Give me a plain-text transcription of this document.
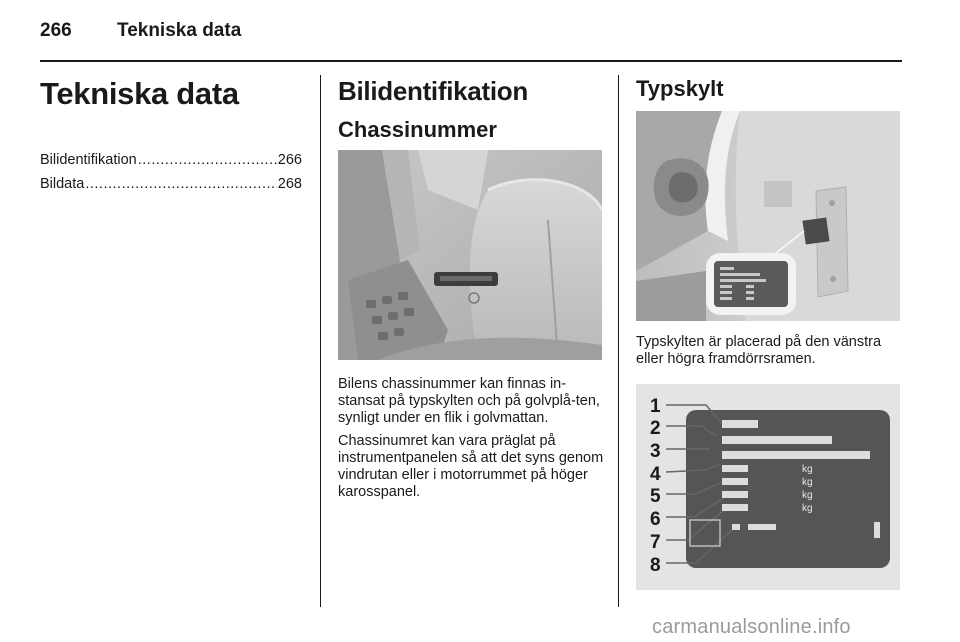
266 Tekniska data
Tekniska data
Bilidentifikation .....	266
Bildata .....	268
Bilidentifikation
Chassinummer
Bilens chassinummer kan finnas in-stansat på typskylten och på golvplå-ten, synligt under en flik i golvmattan.
Chassinumret kan vara präglat på instrumentpanelen så att det syns genom vindrutan eller i motorrummet på höger karosspanel.
Typskylt
Typskylten är placerad på den vänstra eller högra framdörrsramen.
1
2
3
4
5
6
7
8
kg
kg
kg
kg
carmanualsonline.info
